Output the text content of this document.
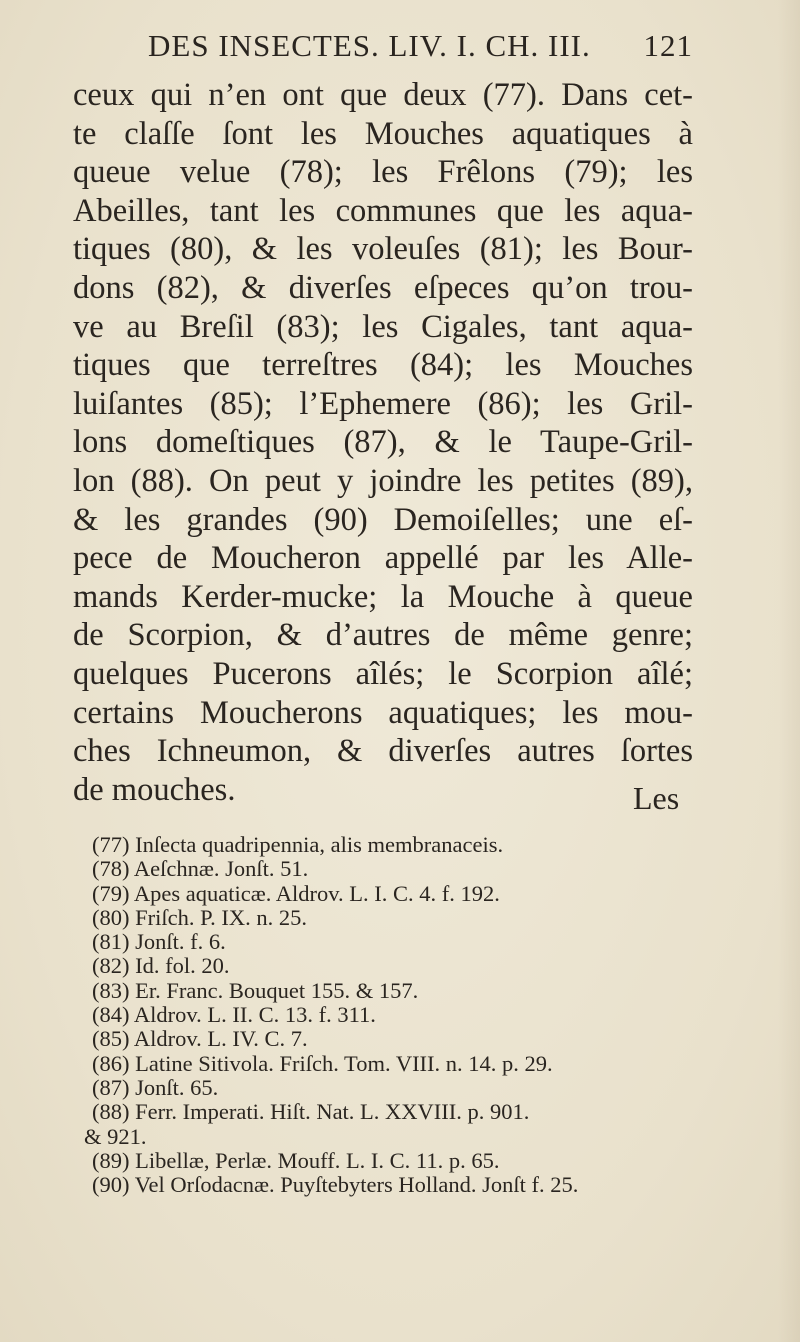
DES INSECTES. LIV. I. CH. III. 121
ceux qui n’en ont que deux (77). Dans cet-
te claſſe ſont les Mouches aquatiques à
queue velue (78); les Frêlons (79); les
Abeilles, tant les communes que les aqua-
tiques (80), & les voleuſes (81); les Bour-
dons (82), & diverſes eſpeces qu’on trou-
ve au Breſil (83); les Cigales, tant aqua-
tiques que terreſtres (84); les Mouches
luiſantes (85); l’Ephemere (86); les Gril-
lons domeſtiques (87), & le Taupe-Gril-
lon (88). On peut y joindre les petites (89),
& les grandes (90) Demoiſelles; une eſ-
pece de Moucheron appellé par les Alle-
mands Kerder-mucke; la Mouche à queue
de Scorpion, & d’autres de même genre;
quelques Pucerons aîlés; le Scorpion aîlé;
certains Moucherons aquatiques; les mou-
ches Ichneumon, & diverſes autres ſortes
de mouches.	Les
(77) Inſecta quadripennia, alis membranaceis.
(78) Aeſchnæ. Jonſt. 51.
(79) Apes aquaticæ. Aldrov. L. I. C. 4. f. 192.
(80) Friſch. P. IX. n. 25.
(81) Jonſt. f. 6.
(82) Id. fol. 20.
(83) Er. Franc. Bouquet 155. & 157.
(84) Aldrov. L. II. C. 13. f. 311.
(85) Aldrov. L. IV. C. 7.
(86) Latine Sitivola. Friſch. Tom. VIII. n. 14. p. 29.
(87) Jonſt. 65.
(88) Ferr. Imperati. Hiſt. Nat. L. XXVIII. p. 901.
& 921.
(89) Libellæ, Perlæ. Mouff. L. I. C. 11. p. 65.
(90) Vel Orſodacnæ. Puyſtebyters Holland. Jonſt f. 25.
